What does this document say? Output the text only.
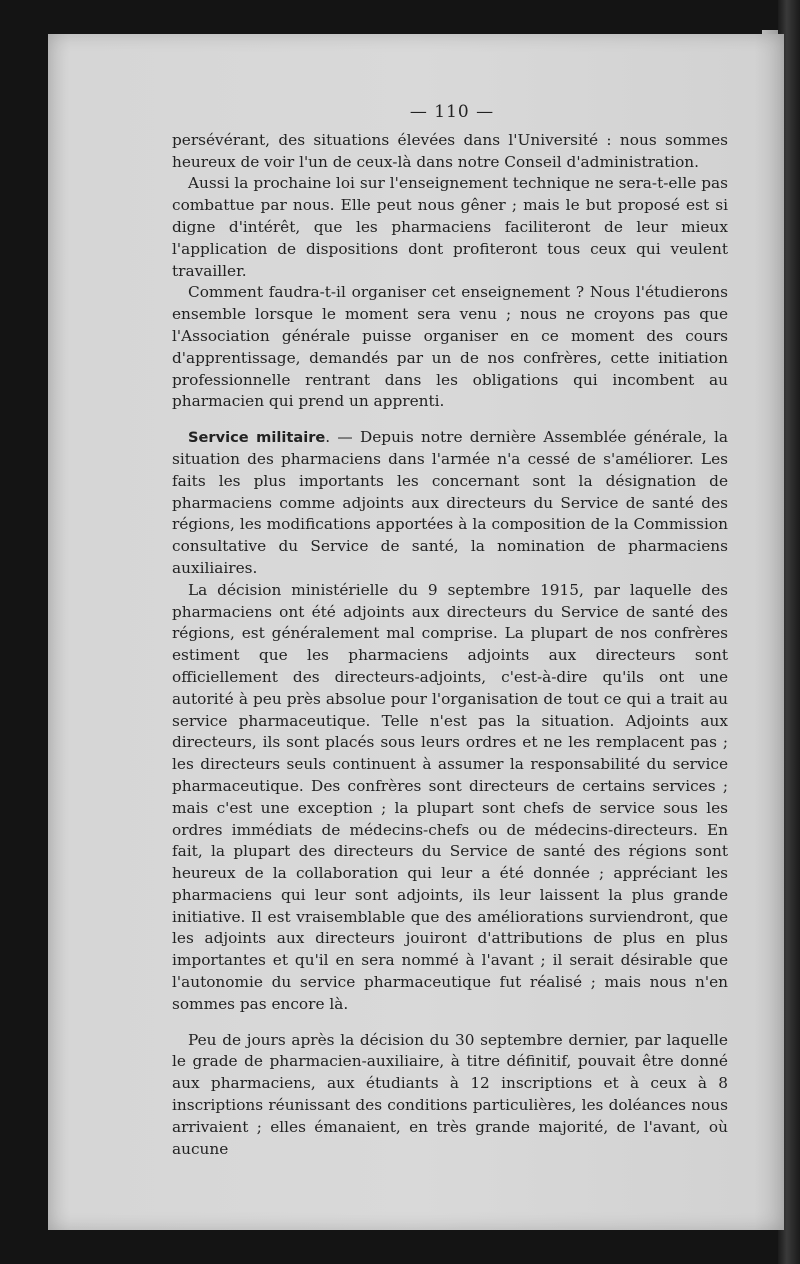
— 110 —

persévérant, des situations élevées dans l'Université : nous sommes heureux de voir l'un de ceux-là dans notre Conseil d'administration.

Aussi la prochaine loi sur l'enseignement technique ne sera-t-elle pas combattue par nous. Elle peut nous gêner ; mais le but proposé est si digne d'intérêt, que les pharmaciens faciliteront de leur mieux l'application de dispositions dont profiteront tous ceux qui veulent travailler.

Comment faudra-t-il organiser cet enseignement ? Nous l'étudierons ensemble lorsque le moment sera venu ; nous ne croyons pas que l'Association générale puisse organiser en ce moment des cours d'apprentissage, demandés par un de nos confrères, cette initiation professionnelle rentrant dans les obligations qui incombent au pharmacien qui prend un apprenti.

Service militaire. — Depuis notre dernière Assemblée générale, la situation des pharmaciens dans l'armée n'a cessé de s'améliorer. Les faits les plus importants les concernant sont la désignation de pharmaciens comme adjoints aux directeurs du Service de santé des régions, les modifications apportées à la composition de la Commission consultative du Service de santé, la nomination de pharmaciens auxiliaires.

La décision ministérielle du 9 septembre 1915, par laquelle des pharmaciens ont été adjoints aux directeurs du Service de santé des régions, est généralement mal comprise. La plupart de nos confrères estiment que les pharmaciens adjoints aux directeurs sont officiellement des directeurs-adjoints, c'est-à-dire qu'ils ont une autorité à peu près absolue pour l'organisation de tout ce qui a trait au service pharmaceutique. Telle n'est pas la situation. Adjoints aux directeurs, ils sont placés sous leurs ordres et ne les remplacent pas ; les directeurs seuls continuent à assumer la responsabilité du service pharmaceutique. Des confrères sont directeurs de certains services ; mais c'est une exception ; la plupart sont chefs de service sous les ordres immédiats de médecins-chefs ou de médecins-directeurs. En fait, la plupart des directeurs du Service de santé des régions sont heureux de la collaboration qui leur a été donnée ; appréciant les pharmaciens qui leur sont adjoints, ils leur laissent la plus grande initiative. Il est vraisemblable que des améliorations surviendront, que les adjoints aux directeurs jouiront d'attributions de plus en plus importantes et qu'il en sera nommé à l'avant ; il serait désirable que l'autonomie du service pharmaceutique fut réalisé ; mais nous n'en sommes pas encore là.

Peu de jours après la décision du 30 septembre dernier, par laquelle le grade de pharmacien-auxiliaire, à titre définitif, pouvait être donné aux pharmaciens, aux étudiants à 12 inscriptions et à ceux à 8 inscriptions réunissant des conditions particulières, les doléances nous arrivaient ; elles émanaient, en très grande majorité, de l'avant, où aucune
